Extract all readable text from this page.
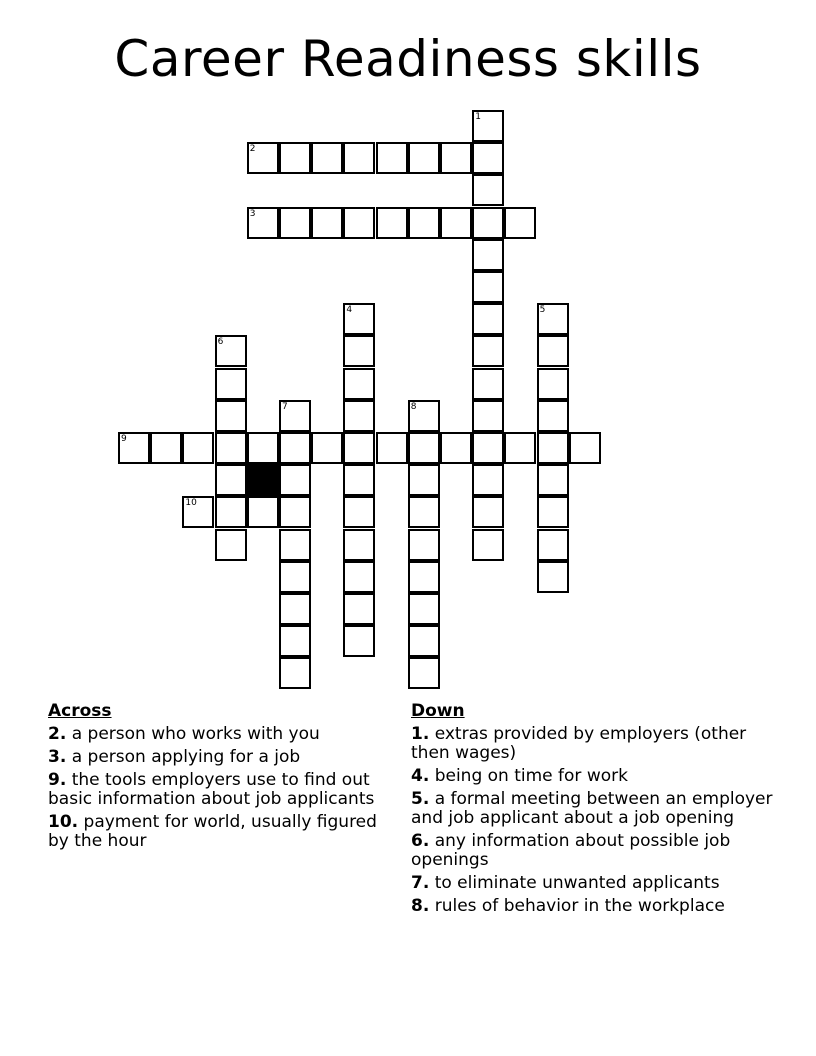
Career Readiness skills
2
3
9
10
1
4	5
6
7	8
Across
2. a person who works with you
3. a person applying for a job
9. the tools employers use to find out basic information about job applicants
10. payment for world, usually figured by the hour
Down
1. extras provided by employers (other then wages)
4. being on time for work
5. a formal meeting between an employer and job applicant about a job opening
6. any information about possible job openings
7. to eliminate unwanted applicants
8. rules of behavior in the workplace
